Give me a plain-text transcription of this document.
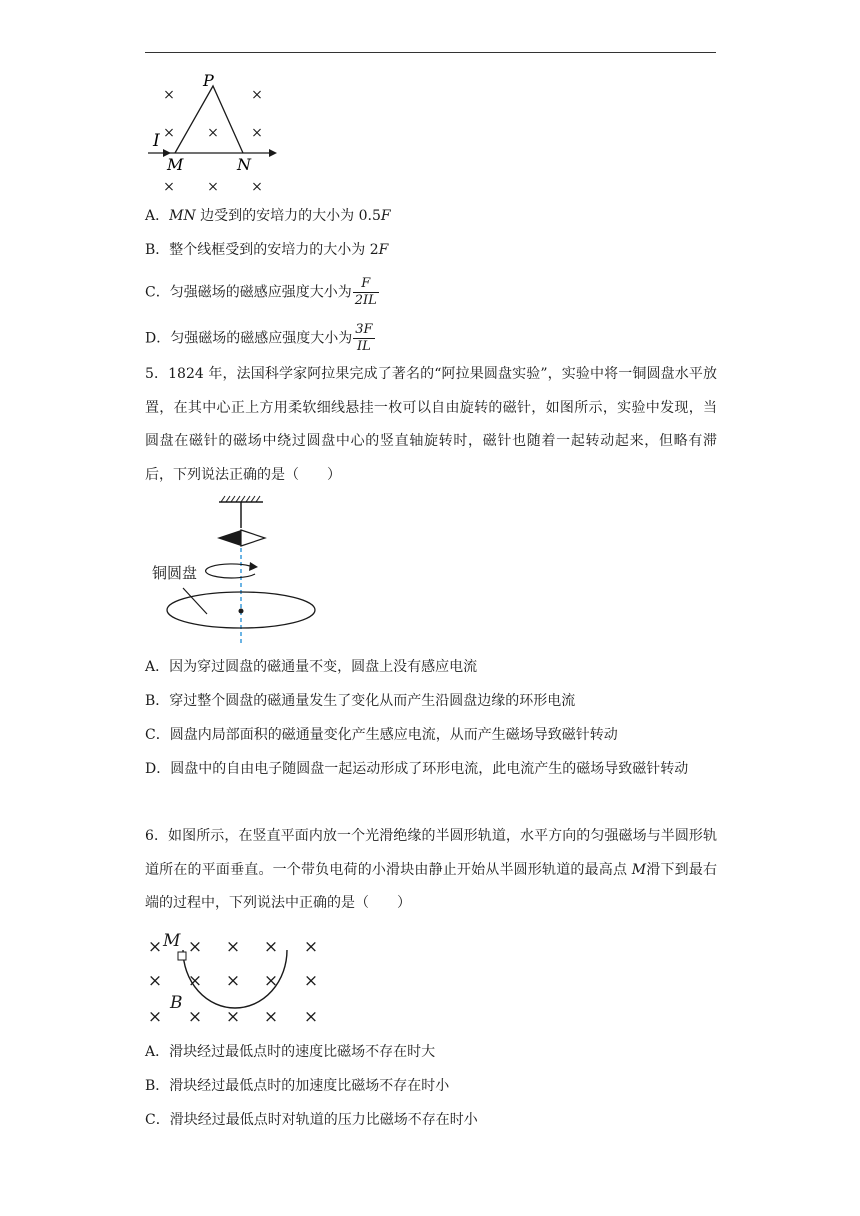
×	×
× × ×
× × ×
P
I
M	N
A．MN 边受到的安培力的大小为 0.5F
B．整个线框受到的安培力的大小为 2F
C．匀强磁场的磁感应强度大小为 $\frac{F}{2IL}$
D．匀强磁场的磁感应强度大小为 $\frac{3F}{IL}$
5．1824 年，法国科学家阿拉果完成了著名的“阿拉果圆盘实验”，实验中将一铜圆盘水平放置，在其中心正上方用柔软细线悬挂一枚可以自由旋转的磁针，如图所示，实验中发现，当圆盘在磁针的磁场中绕过圆盘中心的竖直轴旋转时，磁针也随着一起转动起来，但略有滞后，下列说法正确的是（　　）
铜圆盘
A．因为穿过圆盘的磁通量不变，圆盘上没有感应电流
B．穿过整个圆盘的磁通量发生了变化从而产生沿圆盘边缘的环形电流
C．圆盘内局部面积的磁通量变化产生感应电流，从而产生磁场导致磁针转动
D．圆盘中的自由电子随圆盘一起运动形成了环形电流，此电流产生的磁场导致磁针转动
6．如图所示，在竖直平面内放一个光滑绝缘的半圆形轨道，水平方向的匀强磁场与半圆形轨道所在的平面垂直。一个带负电荷的小滑块由静止开始从半圆形轨道的最高点 M滑下到最右端的过程中，下列说法中正确的是（　　）
× × × × ×
× × × × ×
× × × × ×
M
B
A．滑块经过最低点时的速度比磁场不存在时大
B．滑块经过最低点时的加速度比磁场不存在时小
C．滑块经过最低点时对轨道的压力比磁场不存在时小
